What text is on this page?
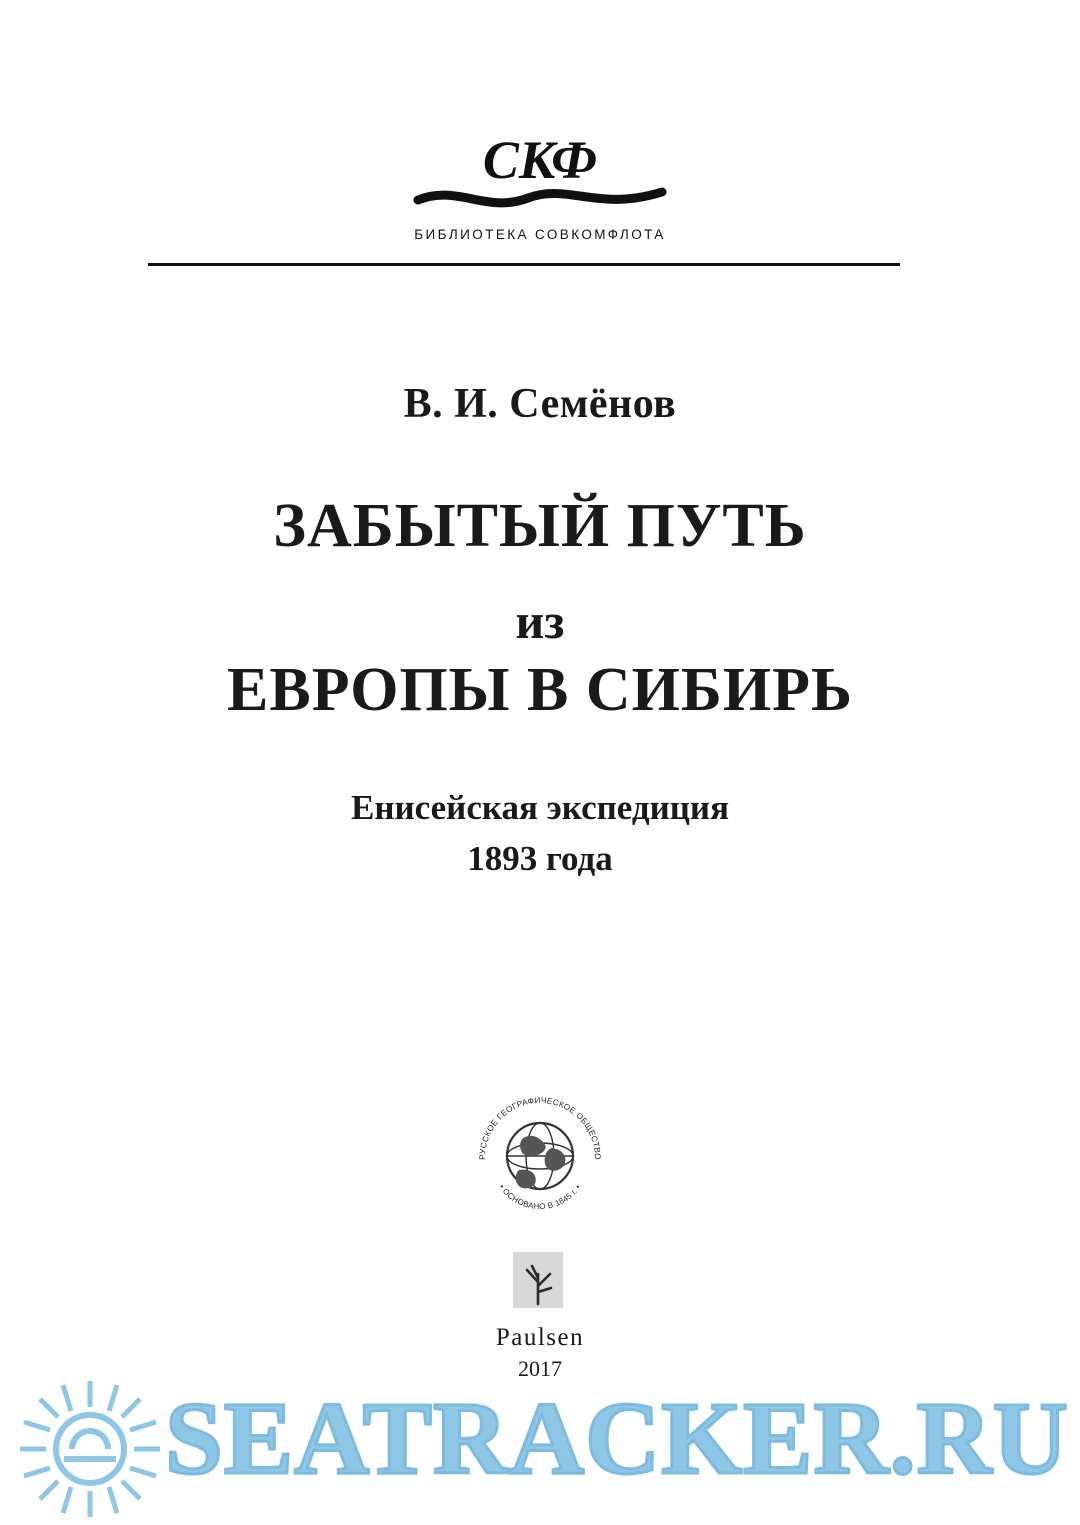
СКФ
БИБЛИОТЕКА СОВКОМФЛОТА
В. И. Семёнов
ЗАБЫТЫЙ ПУТЬ
из
ЕВРОПЫ В СИБИРЬ
Енисейская экспедиция
1893 года
РУССКОЕ ГЕОГРАФИЧЕСКОЕ ОБЩЕСТВО
• ОСНОВАНО В 1845 г. •
Paulsen
2017
SEATRACKER.RU
